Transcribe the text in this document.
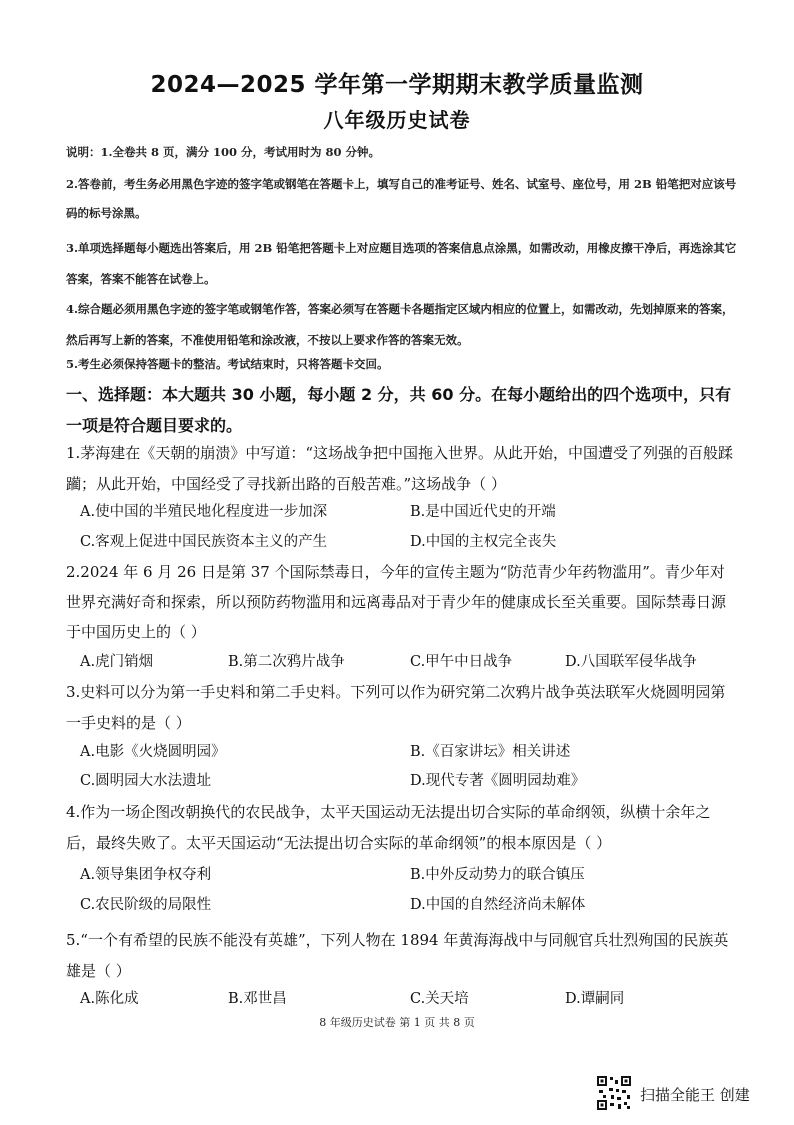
2024—2025 学年第一学期期末教学质量监测
八年级历史试卷
说明：1.全卷共 8 页，满分 100 分，考试用时为 80 分钟。
2.答卷前，考生务必用黑色字迹的签字笔或钢笔在答题卡上，填写自己的准考证号、姓名、试室号、座位号，用 2B 铅笔把对应该号码的标号涂黑。
3.单项选择题每小题选出答案后，用 2B 铅笔把答题卡上对应题目选项的答案信息点涂黑，如需改动，用橡皮擦干净后，再选涂其它答案，答案不能答在试卷上。
4.综合题必须用黑色字迹的签字笔或钢笔作答，答案必须写在答题卡各题指定区域内相应的位置上，如需改动，先划掉原来的答案，然后再写上新的答案，不准使用铅笔和涂改液，不按以上要求作答的答案无效。
5.考生必须保持答题卡的整洁。考试结束时，只将答题卡交回。
一、选择题：本大题共 30 小题，每小题 2 分，共 60 分。在每小题给出的四个选项中，只有一项是符合题目要求的。
1.茅海建在《天朝的崩溃》中写道：“这场战争把中国拖入世界。从此开始，中国遭受了列强的百般蹂躏；从此开始，中国经受了寻找新出路的百般苦难。”这场战争（ ）
A.使中国的半殖民地化程度进一步加深	B.是中国近代史的开端
C.客观上促进中国民族资本主义的产生	D.中国的主权完全丧失
2.2024 年 6 月 26 日是第 37 个国际禁毒日，今年的宣传主题为“防范青少年药物滥用”。青少年对世界充满好奇和探索，所以预防药物滥用和远离毒品对于青少年的健康成长至关重要。国际禁毒日源于中国历史上的（ ）
A.虎门销烟	B.第二次鸦片战争	C.甲午中日战争	D.八国联军侵华战争
3.史料可以分为第一手史料和第二手史料。下列可以作为研究第二次鸦片战争英法联军火烧圆明园第一手史料的是（ ）
A.电影《火烧圆明园》	B.《百家讲坛》相关讲述
C.圆明园大水法遗址	D.现代专著《圆明园劫难》
4.作为一场企图改朝换代的农民战争，太平天国运动无法提出切合实际的革命纲领，纵横十余年之后，最终失败了。太平天国运动“无法提出切合实际的革命纲领”的根本原因是（ ）
A.领导集团争权夺利	B.中外反动势力的联合镇压
C.农民阶级的局限性	D.中国的自然经济尚未解体
5.“一个有希望的民族不能没有英雄”，下列人物在 1894 年黄海海战中与同舰官兵壮烈殉国的民族英雄是（ ）
A.陈化成	B.邓世昌	C.关天培	D.谭嗣同
8 年级历史试卷 第 1 页 共 8 页
扫描全能王 创建
